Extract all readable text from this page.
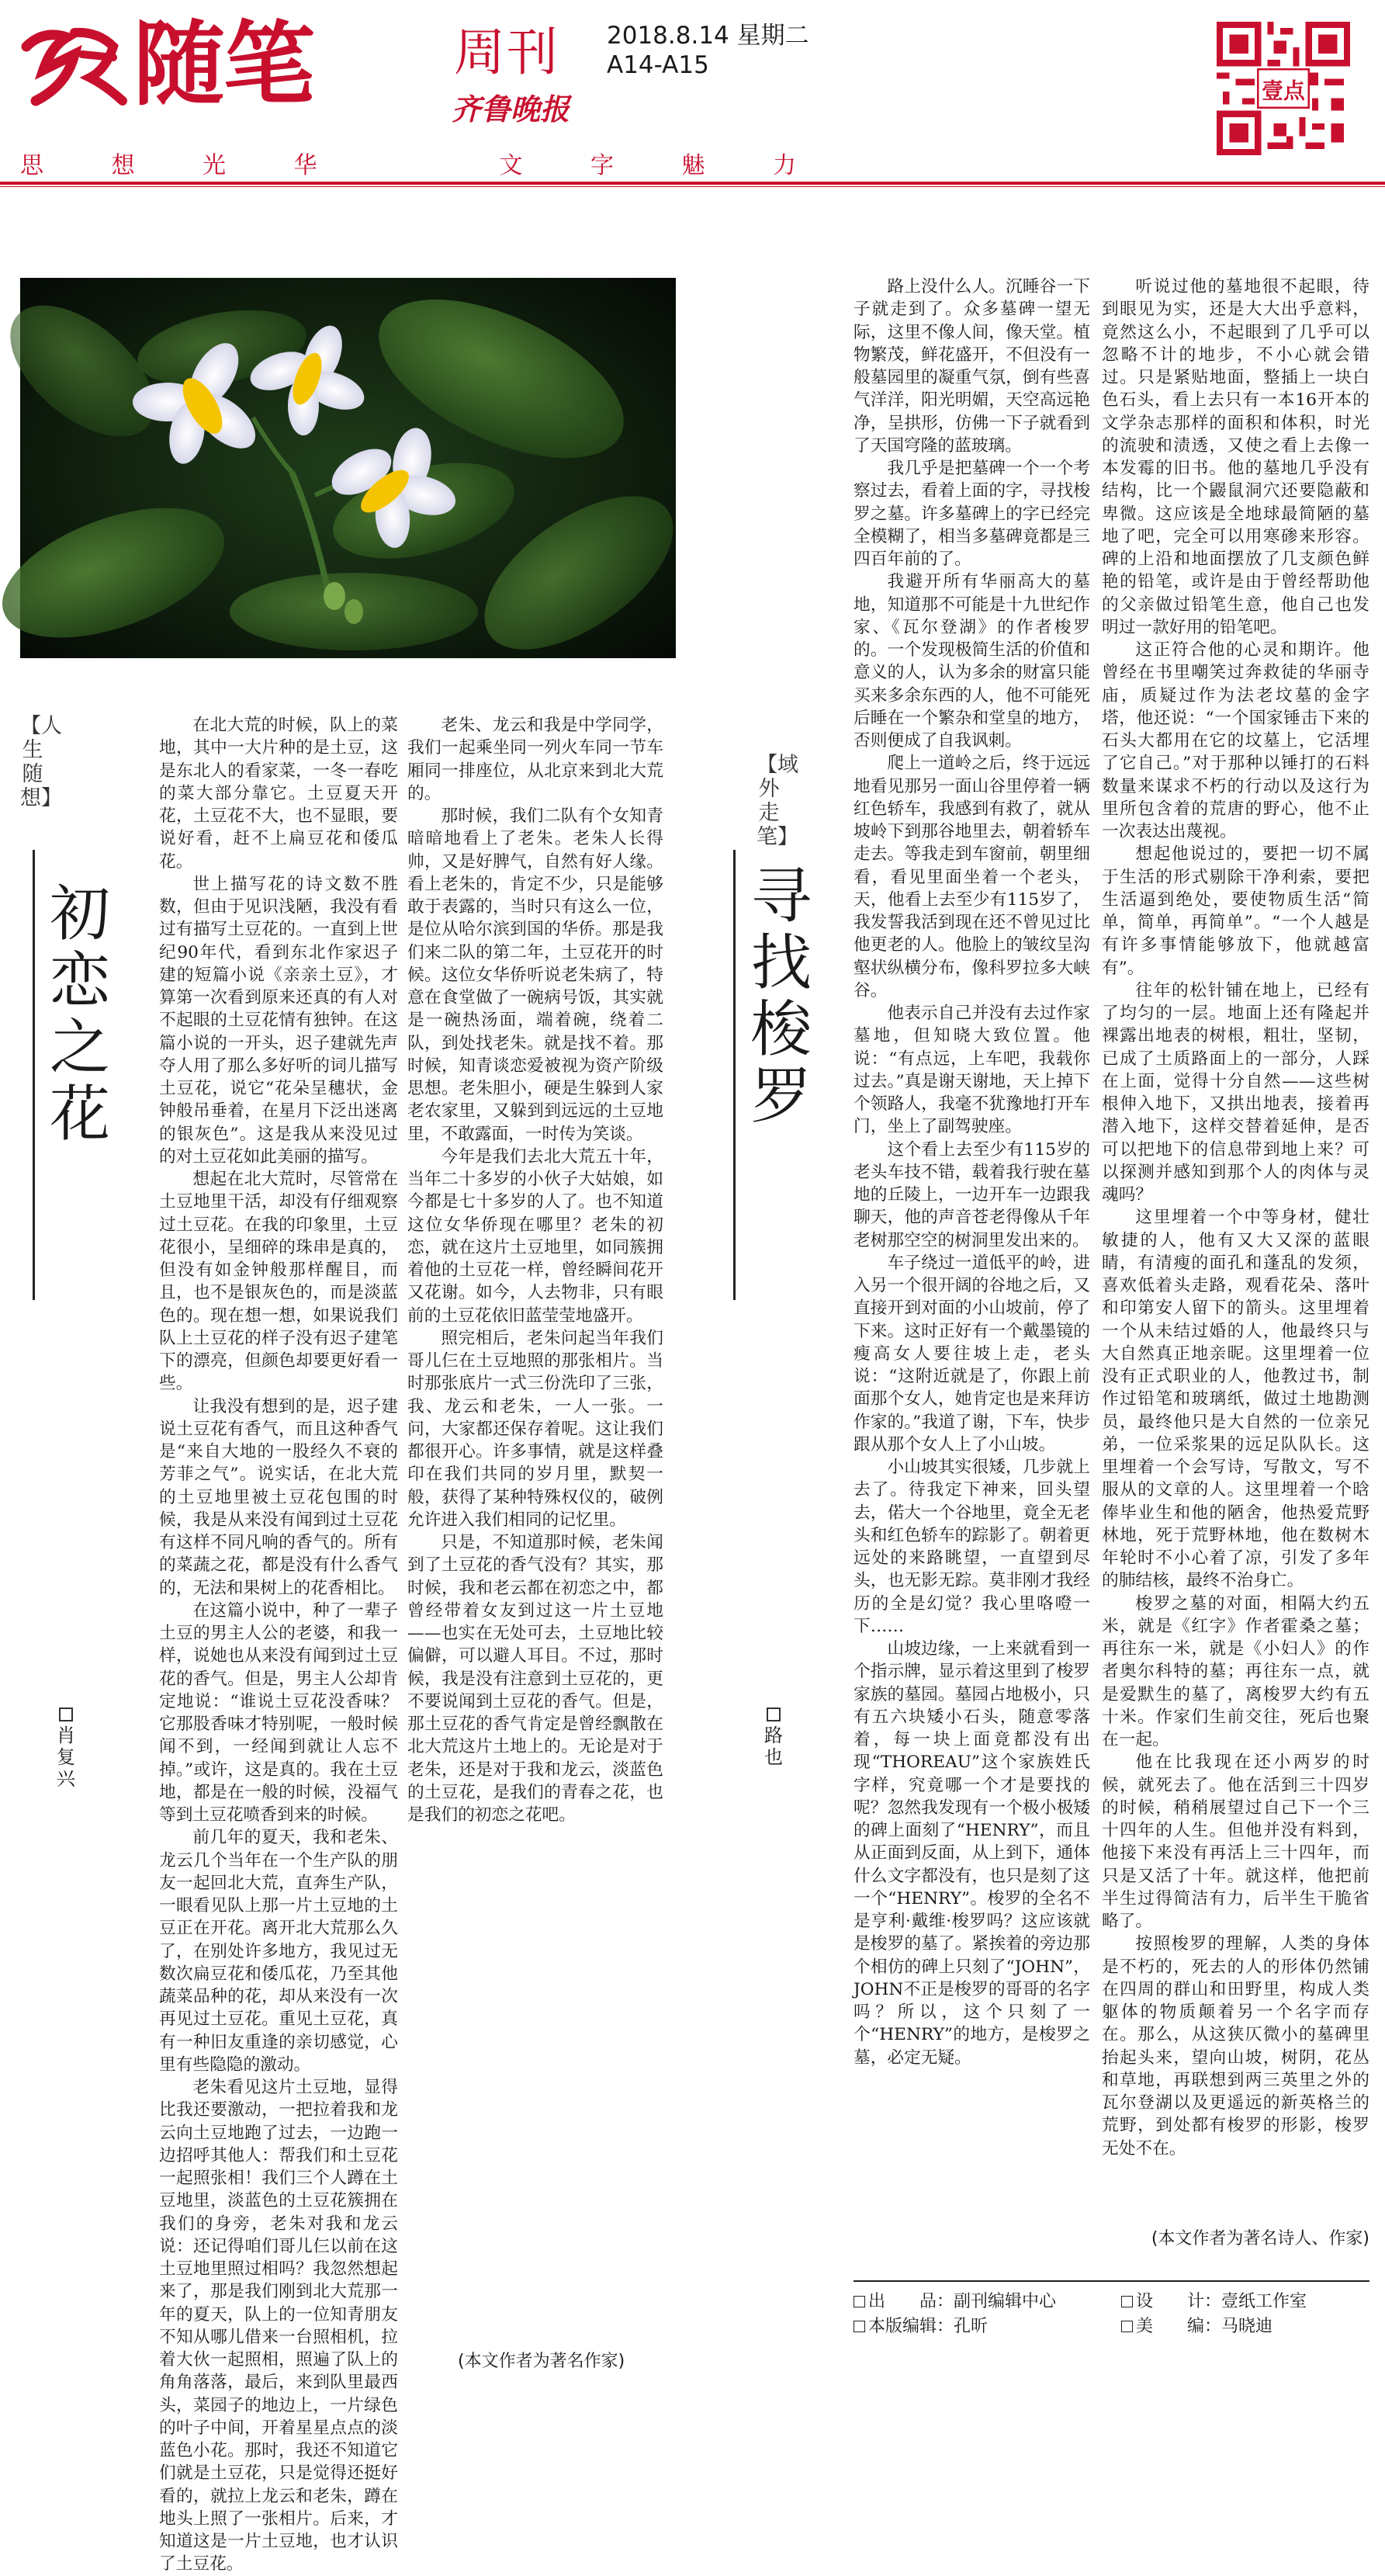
随笔	周刊
齐鲁晚报
2018.8.14 星期二
A14-A15
壹点
思	想	光	华	文	字	魅	力
【人生随想】
初恋之花
肖复兴

在北大荒的时候，队上的菜地，其中一大片种的是土豆，这是东北人的看家菜，一冬一春吃的菜大部分靠它。土豆夏天开花，土豆花不大，也不显眼，要说好看，赶不上扁豆花和倭瓜花。

世上描写花的诗文数不胜数，但由于见识浅陋，我没有看过有描写土豆花的。一直到上世纪90年代，看到东北作家迟子建的短篇小说《亲亲土豆》，才算第一次看到原来还真的有人对不起眼的土豆花情有独钟。在这篇小说的一开头，迟子建就先声夺人用了那么多好听的词儿描写土豆花，说它“花朵呈穗状，金钟般吊垂着，在星月下泛出迷离的银灰色”。这是我从来没见过的对土豆花如此美丽的描写。

想起在北大荒时，尽管常在土豆地里干活，却没有仔细观察过土豆花。在我的印象里，土豆花很小，呈细碎的珠串是真的，但没有如金钟般那样醒目，而且，也不是银灰色的，而是淡蓝色的。现在想一想，如果说我们队上土豆花的样子没有迟子建笔下的漂亮，但颜色却要更好看一些。

让我没有想到的是，迟子建说土豆花有香气，而且这种香气是“来自大地的一股经久不衰的芳菲之气”。说实话，在北大荒的土豆地里被土豆花包围的时候，我是从来没有闻到过土豆花有这样不同凡响的香气的。所有的菜蔬之花，都是没有什么香气的，无法和果树上的花香相比。

在这篇小说中，种了一辈子土豆的男主人公的老婆，和我一样，说她也从来没有闻到过土豆花的香气。但是，男主人公却肯定地说：“谁说土豆花没香味？它那股香味才特别呢，一般时候闻不到，一经闻到就让人忘不掉。”或许，这是真的。我在土豆地，都是在一般的时候，没福气等到土豆花喷香到来的时候。

前几年的夏天，我和老朱、龙云几个当年在一个生产队的朋友一起回北大荒，直奔生产队，一眼看见队上那一片土豆地的土豆正在开花。离开北大荒那么久了，在别处许多地方，我见过无数次扁豆花和倭瓜花，乃至其他蔬菜品种的花，却从来没有一次再见过土豆花。重见土豆花，真有一种旧友重逢的亲切感觉，心里有些隐隐的激动。

老朱看见这片土豆地，显得比我还要激动，一把拉着我和龙云向土豆地跑了过去，一边跑一边招呼其他人：帮我们和土豆花一起照张相！我们三个人蹲在土豆地里，淡蓝色的土豆花簇拥在我们的身旁，老朱对我和龙云说：还记得咱们哥儿仨以前在这土豆地里照过相吗？我忽然想起来了，那是我们刚到北大荒那一年的夏天，队上的一位知青朋友不知从哪儿借来一台照相机，拉着大伙一起照相，照遍了队上的角角落落，最后，来到队里最西头，菜园子的地边上，一片绿色的叶子中间，开着星星点点的淡蓝色小花。那时，我还不知道它们就是土豆花，只是觉得还挺好看的，就拉上龙云和老朱，蹲在地头上照了一张相片。后来，才知道这是一片土豆地，也才认识了土豆花。

老朱、龙云和我是中学同学，我们一起乘坐同一列火车同一节车厢同一排座位，从北京来到北大荒的。

那时候，我们二队有个女知青暗暗地看上了老朱。老朱人长得帅，又是好脾气，自然有好人缘。看上老朱的，肯定不少，只是能够敢于表露的，当时只有这么一位，是位从哈尔滨到国的华侨。那是我们来二队的第二年，土豆花开的时候。这位女华侨听说老朱病了，特意在食堂做了一碗病号饭，其实就是一碗热汤面，端着碗，绕着二队，到处找老朱。就是找不着。那时候，知青谈恋爱被视为资产阶级思想。老朱胆小，硬是生躲到人家老农家里，又躲到到远远的土豆地里，不敢露面，一时传为笑谈。

今年是我们去北大荒五十年，当年二十多岁的小伙子大姑娘，如今都是七十多岁的人了。也不知道这位女华侨现在哪里？老朱的初恋，就在这片土豆地里，如同簇拥着他的土豆花一样，曾经瞬间花开又花谢。如今，人去物非，只有眼前的土豆花依旧蓝莹莹地盛开。

照完相后，老朱问起当年我们哥儿仨在土豆地照的那张相片。当时那张底片一式三份洗印了三张，我、龙云和老朱，一人一张。一问，大家都还保存着呢。这让我们都很开心。许多事情，就是这样叠印在我们共同的岁月里，默契一般，获得了某种特殊权仪的，破例允许进入我们相同的记忆里。

只是，不知道那时候，老朱闻到了土豆花的香气没有？其实，那时候，我和老云都在初恋之中，都曾经带着女友到过这一片土豆地——也实在无处可去，土豆地比较偏僻，可以避人耳目。不过，那时候，我是没有注意到土豆花的，更不要说闻到土豆花的香气。但是，那土豆花的香气肯定是曾经飘散在北大荒这片土地上的。无论是对于老朱，还是对于我和龙云，淡蓝色的土豆花，是我们的青春之花，也是我们的初恋之花吧。

(本文作者为著名作家)
【域外走笔】
寻找梭罗
路也

路上没什么人。沉睡谷一下子就走到了。众多墓碑一望无际，这里不像人间，像天堂。植物繁茂，鲜花盛开，不但没有一般墓园里的凝重气氛，倒有些喜气洋洋，阳光明媚，天空高远艳净，呈拱形，仿佛一下子就看到了天国穹隆的蓝玻璃。

我几乎是把墓碑一个一个考察过去，看着上面的字，寻找梭罗之墓。许多墓碑上的字已经完全模糊了，相当多墓碑竟都是三四百年前的了。

我避开所有华丽高大的墓地，知道那不可能是十九世纪作家、《瓦尔登湖》的作者梭罗的。一个发现极简生活的价值和意义的人，认为多余的财富只能买来多余东西的人，他不可能死后睡在一个繁杂和堂皇的地方，否则便成了自我讽刺。

爬上一道岭之后，终于远远地看见那另一面山谷里停着一辆红色轿车，我感到有救了，就从坡岭下到那谷地里去，朝着轿车走去。等我走到车窗前，朝里细看，看见里面坐着一个老头，天，他看上去至少有115岁了，我发誓我活到现在还不曾见过比他更老的人。他脸上的皱纹呈沟壑状纵横分布，像科罗拉多大峡谷。

他表示自己并没有去过作家墓地，但知晓大致位置。他说：“有点远，上车吧，我载你过去。”真是谢天谢地，天上掉下个领路人，我毫不犹豫地打开车门，坐上了副驾驶座。

这个看上去至少有115岁的老头车技不错，载着我行驶在墓地的丘陵上，一边开车一边跟我聊天，他的声音苍老得像从千年老树那空空的树洞里发出来的。

车子绕过一道低平的岭，进入另一个很开阔的谷地之后，又直接开到对面的小山坡前，停了下来。这时正好有一个戴墨镜的瘦高女人要往坡上走，老头说：“这附近就是了，你跟上前面那个女人，她肯定也是来拜访作家的。”我道了谢，下车，快步跟从那个女人上了小山坡。

小山坡其实很矮，几步就上去了。待我定下神来，回头望去，偌大一个谷地里，竟全无老头和红色轿车的踪影了。朝着更远处的来路眺望，一直望到尽头，也无影无踪。莫非刚才我经历的全是幻觉？我心里咯噔一下……

山坡边缘，一上来就看到一个指示牌，显示着这里到了梭罗家族的墓园。墓园占地极小，只有五六块矮小石头，随意零落着，每一块上面竟都没有出现“THOREAU”这个家族姓氏字样，究竟哪一个才是要找的呢？忽然我发现有一个极小极矮的碑上面刻了“HENRY”，而且从正面到反面，从上到下，通体什么文字都没有，也只是刻了这一个“HENRY”。梭罗的全名不是亨利·戴维·梭罗吗？这应该就是梭罗的墓了。紧挨着的旁边那个相仿的碑上只刻了“JOHN”，JOHN不正是梭罗的哥哥的名字吗？所以，这个只刻了一个“HENRY”的地方，是梭罗之墓，必定无疑。

听说过他的墓地很不起眼，待到眼见为实，还是大大出乎意料，竟然这么小，不起眼到了几乎可以忽略不计的地步，不小心就会错过。只是紧贴地面，整插上一块白色石头，看上去只有一本16开本的文学杂志那样的面积和体积，时光的流驶和渍透，又使之看上去像一本发霉的旧书。他的墓地几乎没有结构，比一个鼹鼠洞穴还要隐蔽和卑微。这应该是全地球最简陋的墓地了吧，完全可以用寒碜来形容。碑的上沿和地面摆放了几支颜色鲜艳的铅笔，或许是由于曾经帮助他的父亲做过铅笔生意，他自己也发明过一款好用的铅笔吧。

这正符合他的心灵和期许。他曾经在书里嘲笑过奔救徒的华丽寺庙，质疑过作为法老坟墓的金字塔，他还说：“一个国家锤击下来的石头大都用在它的坟墓上，它活埋了它自己。”对于那种以锤打的石料数量来谋求不朽的行动以及这行为里所包含着的荒唐的野心，他不止一次表达出蔑视。

想起他说过的，要把一切不属于生活的形式剔除干净利索，要把生活逼到绝处，要使物质生活“简单，简单，再简单”。“一个人越是有许多事情能够放下，他就越富有”。

往年的松针铺在地上，已经有了均匀的一层。地面上还有隆起并裸露出地表的树根，粗壮，坚韧，已成了土质路面上的一部分，人踩在上面，觉得十分自然——这些树根伸入地下，又拱出地表，接着再潜入地下，这样交替着延伸，是否可以把地下的信息带到地上来？可以探测并感知到那个人的肉体与灵魂吗？

这里埋着一个中等身材，健壮敏捷的人，他有又大又深的蓝眼睛，有清瘦的面孔和蓬乱的发须，喜欢低着头走路，观看花朵、落叶和印第安人留下的箭头。这里埋着一个从未结过婚的人，他最终只与大自然真正地亲昵。这里埋着一位没有正式职业的人，他教过书，制作过铅笔和玻璃纸，做过土地勘测员，最终他只是大自然的一位亲兄弟，一位采浆果的远足队队长。这里埋着一个会写诗，写散文，写不服从的文章的人。这里埋着一个晗俸毕业生和他的陋舍，他热爱荒野林地，死于荒野林地，他在数树木年轮时不小心着了凉，引发了多年的肺结核，最终不治身亡。

梭罗之墓的对面，相隔大约五米，就是《红字》作者霍桑之墓；再往东一米，就是《小妇人》的作者奥尔科特的墓；再往东一点，就是爱默生的墓了，离梭罗大约有五十米。作家们生前交往，死后也聚在一起。

他在比我现在还小两岁的时候，就死去了。他在活到三十四岁的时候，稍稍展望过自己下一个三十四年的人生。但他并没有料到，他接下来没有再活上三十四年，而只是又活了十年。就这样，他把前半生过得简洁有力，后半生干脆省略了。

按照梭罗的理解，人类的身体是不朽的，死去的人的形体仍然铺在四周的群山和田野里，构成人类躯体的物质颠着另一个名字而存在。那么，从这狭仄微小的墓碑里抬起头来，望向山坡，树阴，花丛和草地，再联想到两三英里之外的瓦尔登湖以及更遥远的新英格兰的荒野，到处都有梭罗的形影，梭罗无处不在。

(本文作者为著名诗人、作家)
出　　品：副刊编辑中心
本版编辑：孔昕
设　　计：壹纸工作室
美　　编：马晓迪
